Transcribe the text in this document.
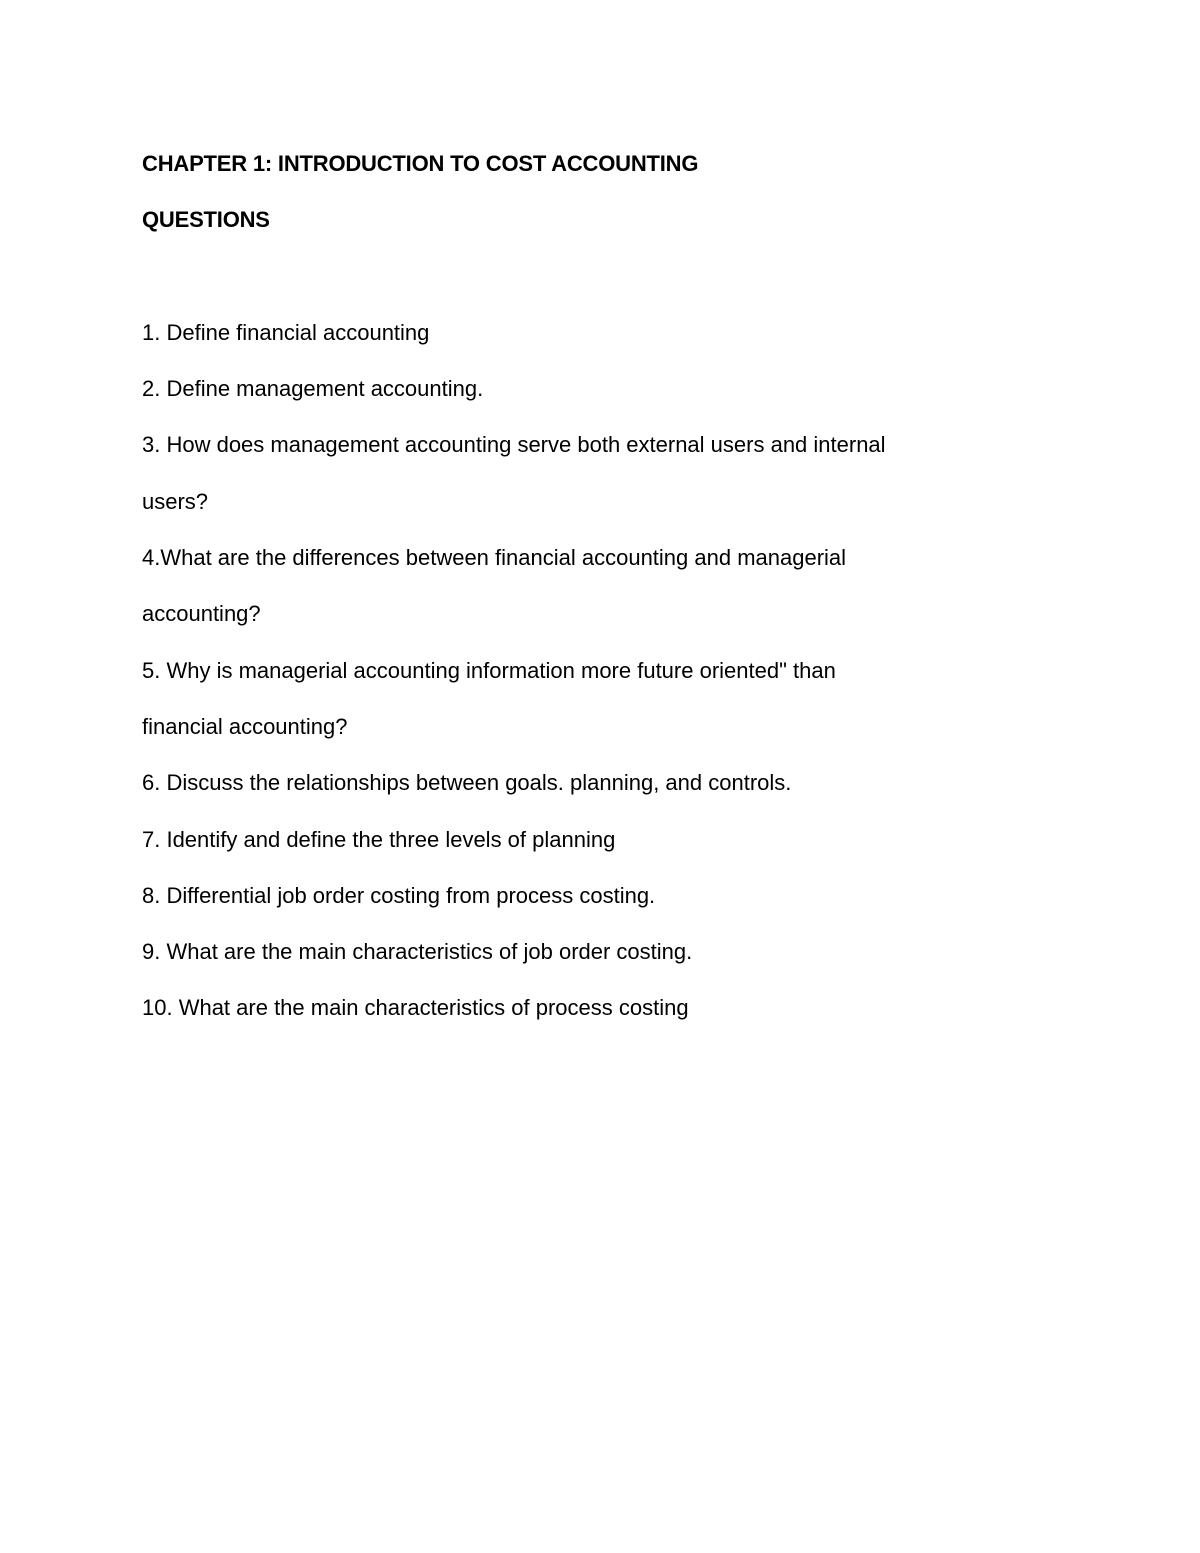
CHAPTER 1: INTRODUCTION TO COST ACCOUNTING

QUESTIONS

1. Define financial accounting

2. Define management accounting.

3. How does management accounting serve both external users and internal

users?

4.What are the differences between financial accounting and managerial

accounting?

5. Why is managerial accounting information more future oriented" than

financial accounting?

6. Discuss the relationships between goals. planning, and controls.

7. Identify and define the three levels of planning

8. Differential job order costing from process costing.

9. What are the main characteristics of job order costing.

10. What are the main characteristics of process costing
